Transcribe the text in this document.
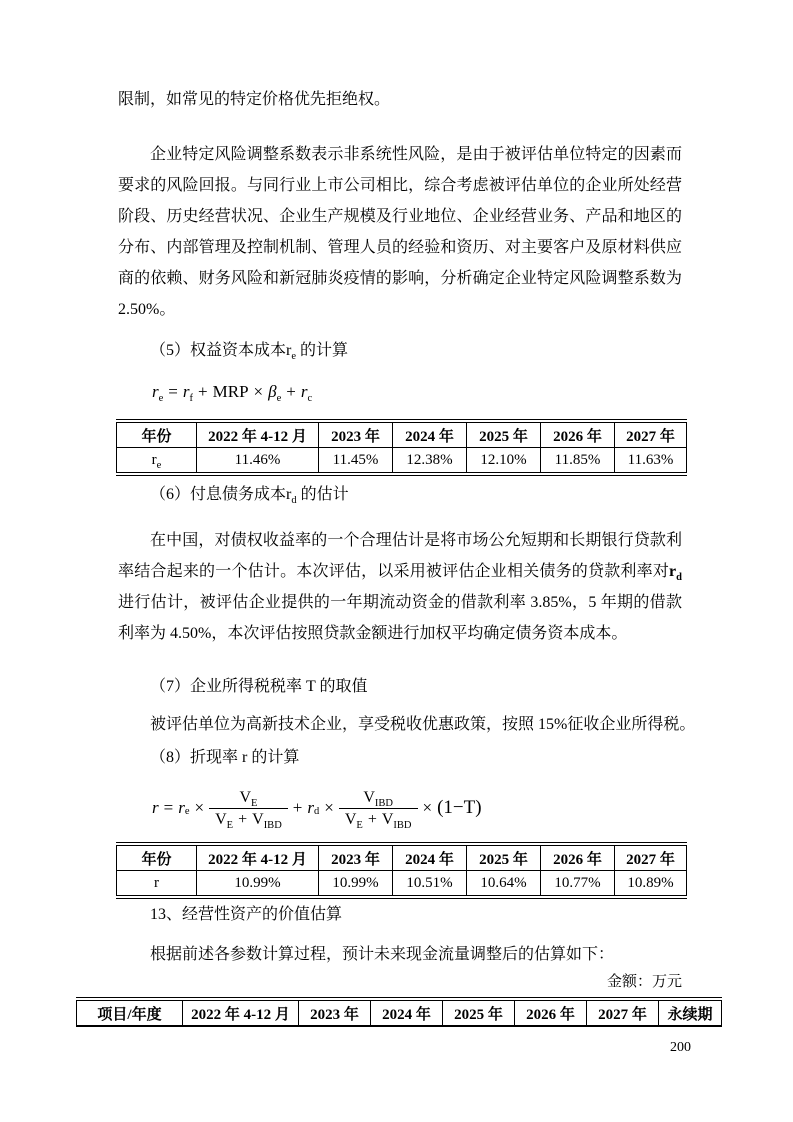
限制，如常见的特定价格优先拒绝权。

企业特定风险调整系数表示非系统性风险，是由于被评估单位特定的因素而要求的风险回报。与同行业上市公司相比，综合考虑被评估单位的企业所处经营阶段、历史经营状况、企业生产规模及行业地位、企业经营业务、产品和地区的分布、内部管理及控制机制、管理人员的经验和资历、对主要客户及原材料供应商的依赖、财务风险和新冠肺炎疫情的影响，分析确定企业特定风险调整系数为 2.50%。

（5）权益资本成本$r_e$ 的计算
$r_e = r_f$ + MRP × $\beta_e + r_c$
年份	2022 年 4-12 月	2023 年	2024 年	2025 年	2026 年	2027 年
$r_e$	11.46%	11.45%	12.38%	12.10%	11.85%	11.63%
（6）付息债务成本$r_d$ 的估计

在中国，对债权收益率的一个合理估计是将市场公允短期和长期银行贷款利率结合起来的一个估计。本次评估，以采用被评估企业相关债务的贷款利率对$r_d$进行估计，被评估企业提供的一年期流动资金的借款利率 3.85%，5 年期的借款利率为 4.50%，本次评估按照贷款金额进行加权平均确定债务资本成本。

（7）企业所得税税率 T 的取值

被评估单位为高新技术企业，享受税收优惠政策，按照 15%征收企业所得税。

（8）折现率 r 的计算
$r = r_e \times \frac{V_E}{V_E + V_{IBD}} + r_d \times \frac{V_{IBD}}{V_E + V_{IBD}} \times (1-T)$
年份	2022 年 4-12 月	2023 年	2024 年	2025 年	2026 年	2027 年
r	10.99%	10.99%	10.51%	10.64%	10.77%	10.89%
13、经营性资产的价值估算

根据前述各参数计算过程，预计未来现金流量调整后的估算如下：

金额：万元
项目/年度	2022 年 4-12 月	2023 年	2024 年	2025 年	2026 年	2027 年	永续期
200
